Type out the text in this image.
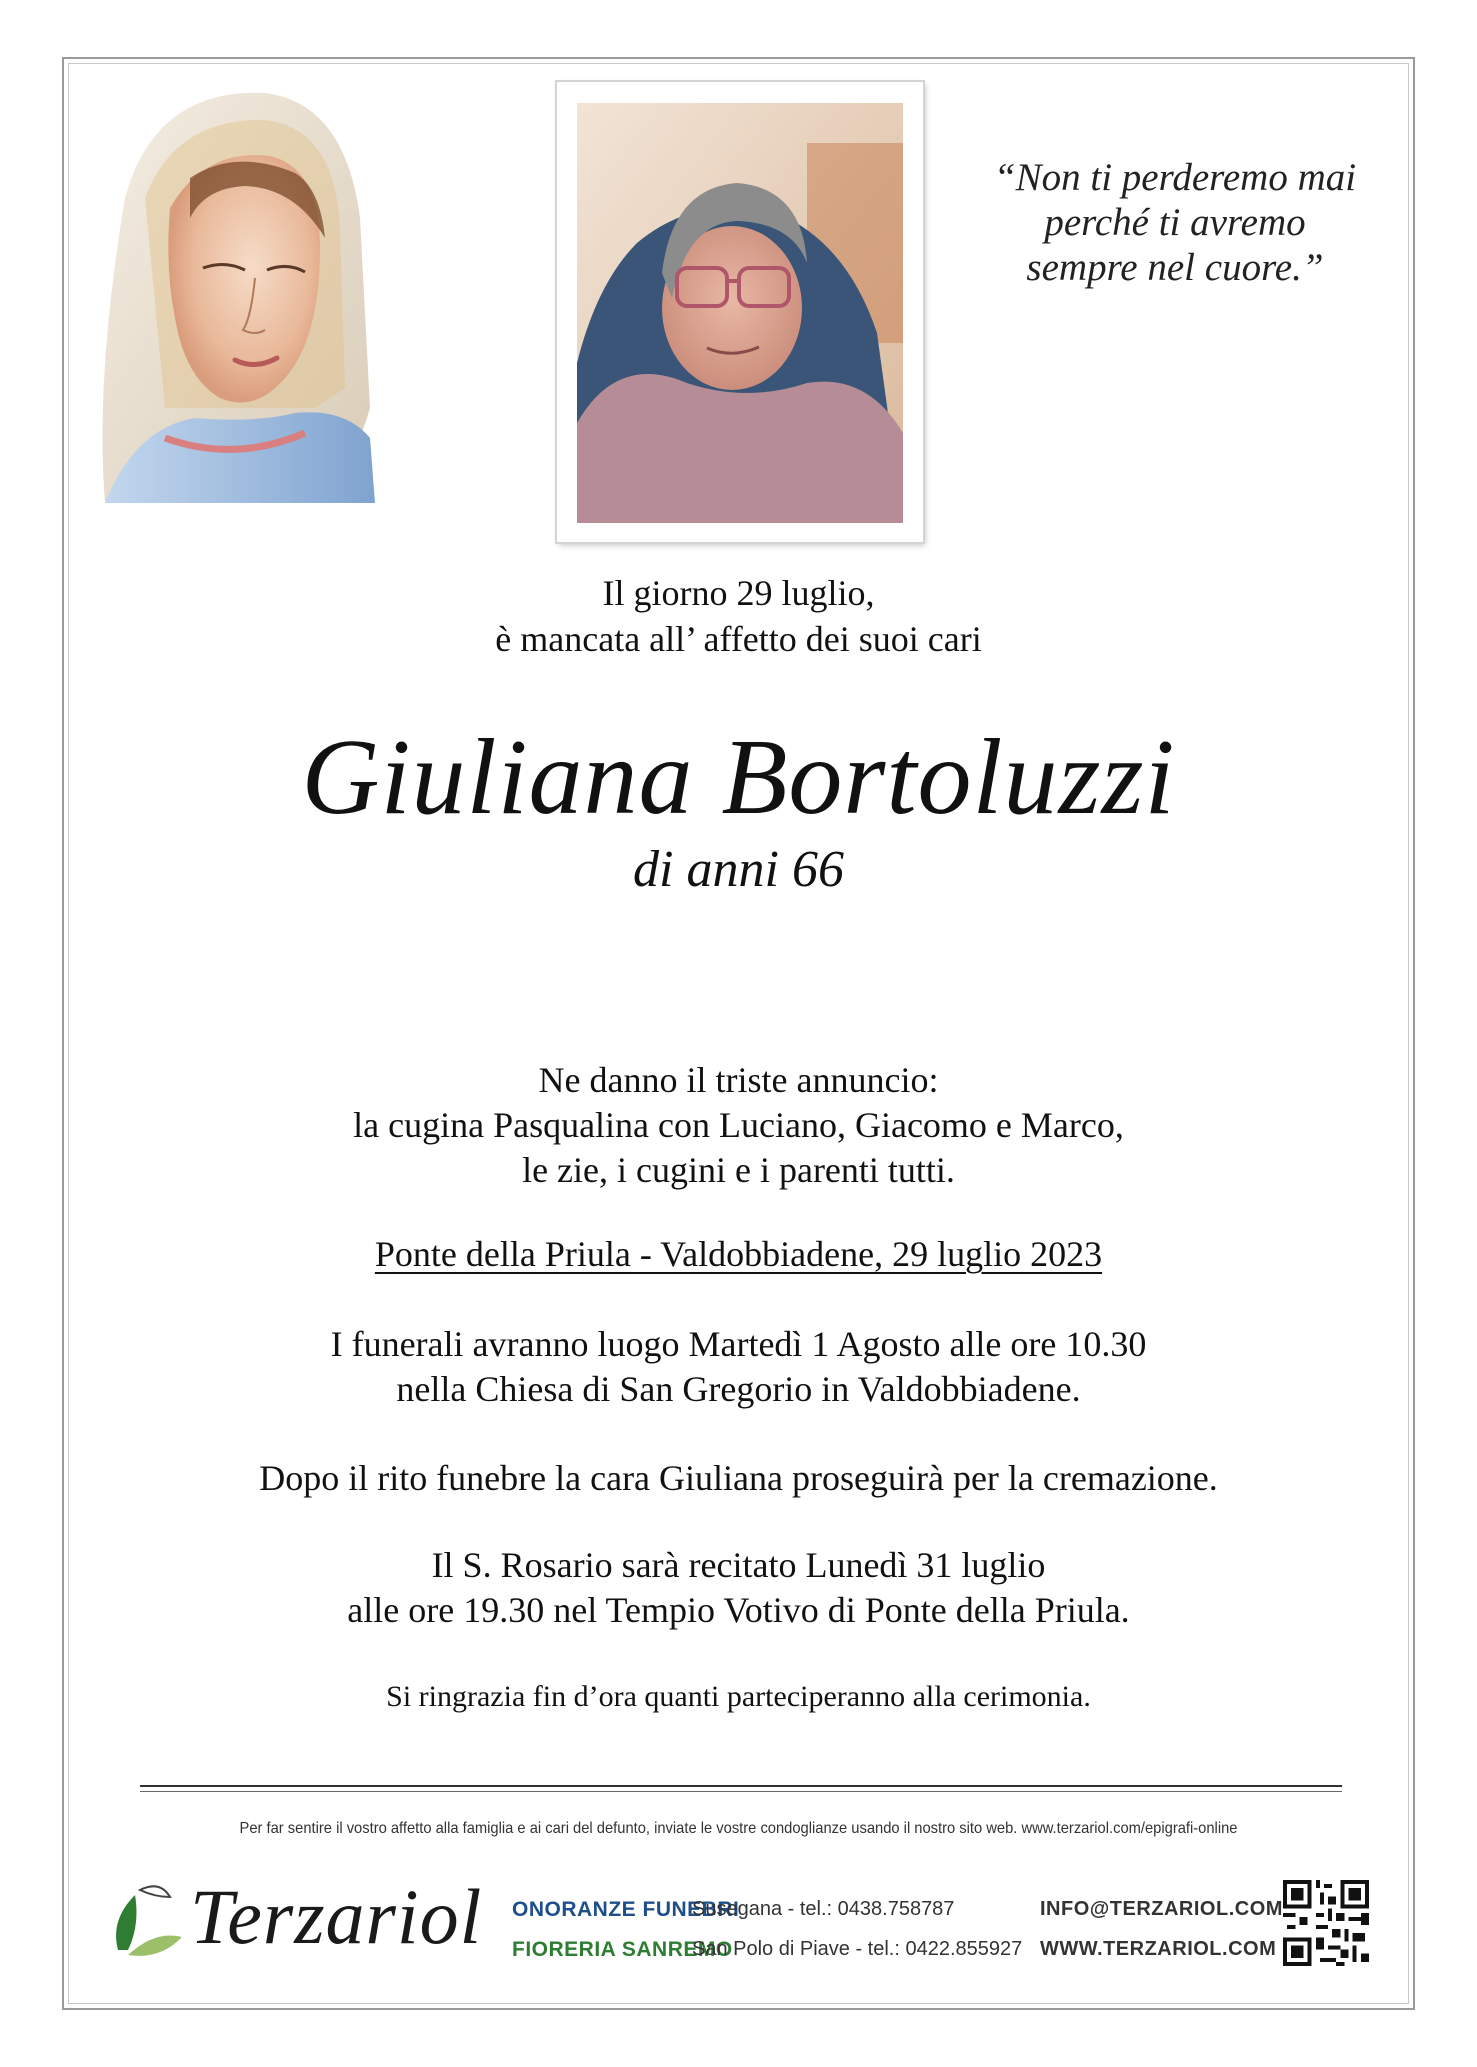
“Non ti perderemo mai
perché ti avremo
sempre nel cuore.”
Il giorno 29 luglio,
è mancata all’ affetto dei suoi cari
Giuliana Bortoluzzi
di anni 66
Ne danno il triste annuncio:
la cugina Pasqualina con Luciano, Giacomo e Marco,
le zie, i cugini e i parenti tutti.
Ponte della Priula - Valdobbiadene, 29 luglio 2023
I funerali avranno luogo Martedì 1 Agosto alle ore 10.30
nella Chiesa di San Gregorio in Valdobbiadene.
Dopo il rito funebre la cara Giuliana proseguirà per la cremazione.
Il S. Rosario sarà recitato Lunedì 31 luglio
alle ore 19.30 nel Tempio Votivo di Ponte della Priula.
Si ringrazia fin d’ora quanti parteciperanno alla cerimonia.
Per far sentire il vostro affetto alla famiglia e ai cari del defunto, inviate le vostre condoglianze usando il nostro sito web. www.terzariol.com/epigrafi-online
Terzariol ONORANZE FUNEBRI
FIORERIA SANREMO
Susegana - tel.: 0438.758787
San Polo di Piave - tel.: 0422.855927
INFO@TERZARIOL.COM
WWW.TERZARIOL.COM
